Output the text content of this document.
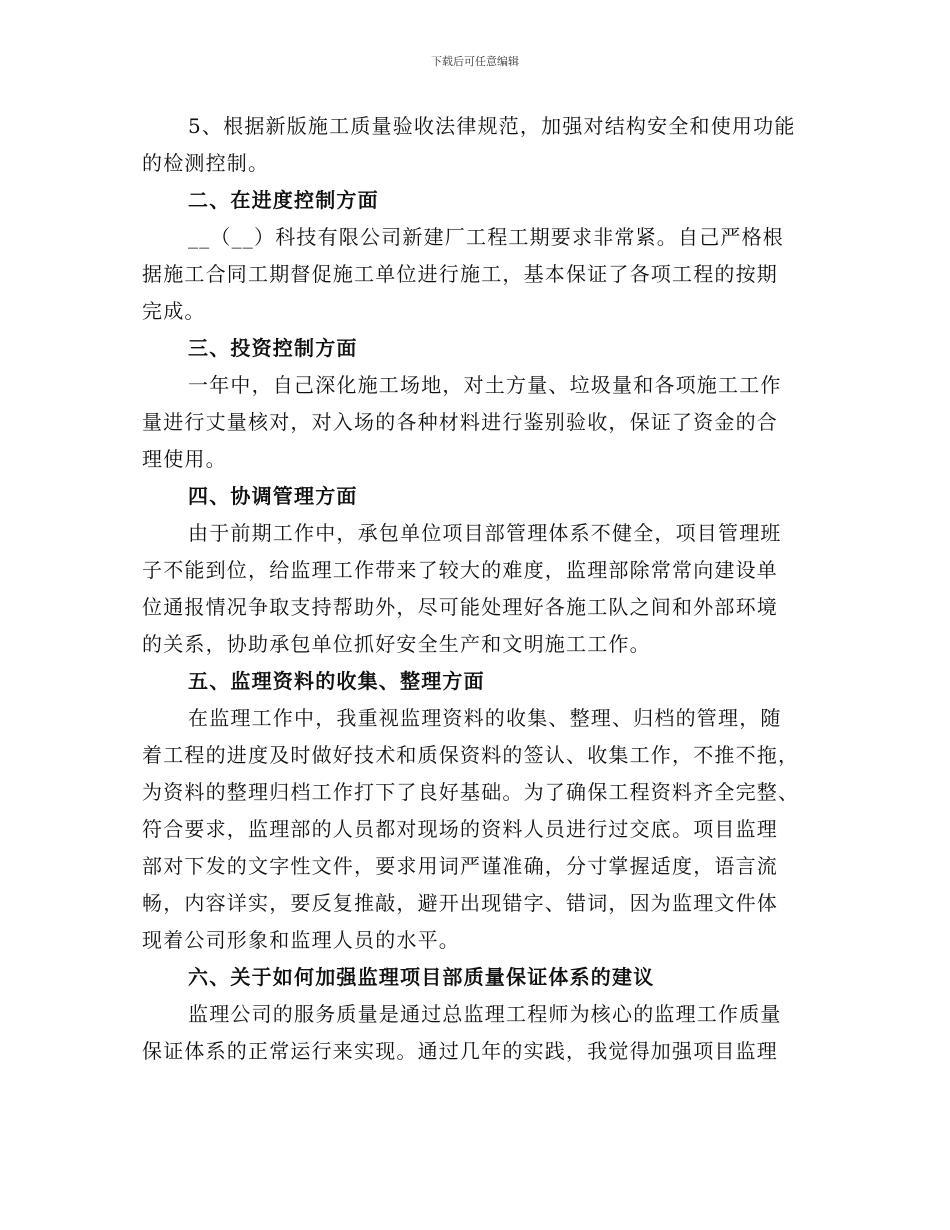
下载后可任意编辑
5、根据新版施工质量验收法律规范，加强对结构安全和使用功能
的检测控制。
二、在进度控制方面
__（__）科技有限公司新建厂工程工期要求非常紧。自己严格根
据施工合同工期督促施工单位进行施工，基本保证了各项工程的按期
完成。
三、投资控制方面
一年中，自己深化施工场地，对土方量、垃圾量和各项施工工作
量进行丈量核对，对入场的各种材料进行鉴别验收，保证了资金的合
理使用。
四、协调管理方面
由于前期工作中，承包单位项目部管理体系不健全，项目管理班
子不能到位，给监理工作带来了较大的难度，监理部除常常向建设单
位通报情况争取支持帮助外，尽可能处理好各施工队之间和外部环境
的关系，协助承包单位抓好安全生产和文明施工工作。
五、监理资料的收集、整理方面
在监理工作中，我重视监理资料的收集、整理、归档的管理，随
着工程的进度及时做好技术和质保资料的签认、收集工作，不推不拖，
为资料的整理归档工作打下了良好基础。为了确保工程资料齐全完整、
符合要求，监理部的人员都对现场的资料人员进行过交底。项目监理
部对下发的文字性文件，要求用词严谨准确，分寸掌握适度，语言流
畅，内容详实，要反复推敲，避开出现错字、错词，因为监理文件体
现着公司形象和监理人员的水平。
六、关于如何加强监理项目部质量保证体系的建议
监理公司的服务质量是通过总监理工程师为核心的监理工作质量
保证体系的正常运行来实现。通过几年的实践，我觉得加强项目监理
